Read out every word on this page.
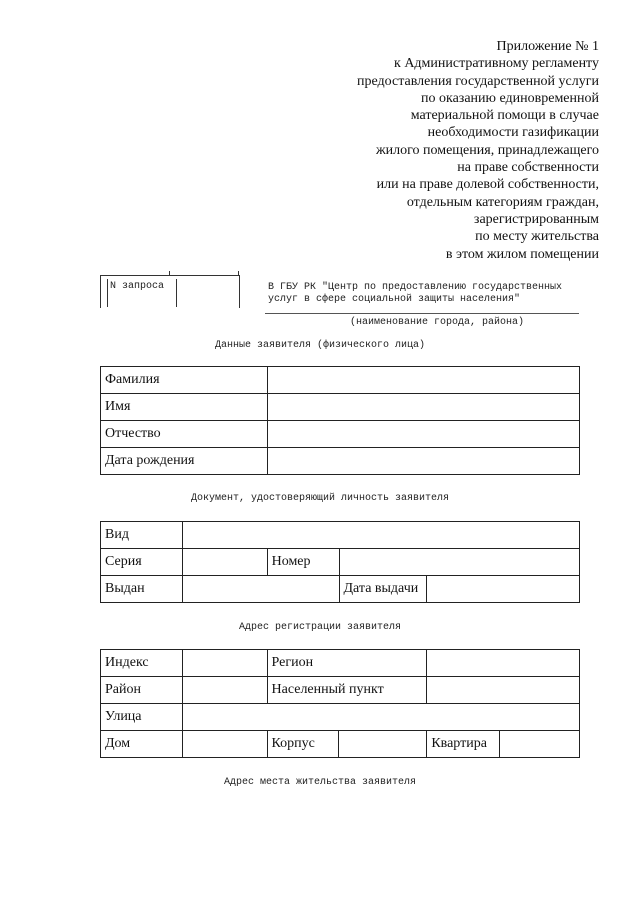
Приложение № 1
к Административному регламенту
предоставления государственной услуги
по оказанию единовременной
материальной помощи в случае
необходимости газификации
жилого помещения, принадлежащего
на праве собственности
или на праве долевой собственности,
отдельным категориям граждан,
зарегистрированным
по месту жительства
в этом жилом помещении
N запроса	В ГБУ РК "Центр по предоставлению государственных
услуг в сфере социальной защиты населения"
(наименование города, района)
Данные заявителя (физического лица)
Фамилия	
Имя	
Отчество	
Дата рождения	
Документ, удостоверяющий личность заявителя
Вид				
Серия		Номер		
Выдан			Дата выдачи	
Адрес регистрации заявителя
Индекс		Регион			
Район		Населенный пункт			
Улица					
Дом		Корпус		Квартира	
Адрес места жительства заявителя
